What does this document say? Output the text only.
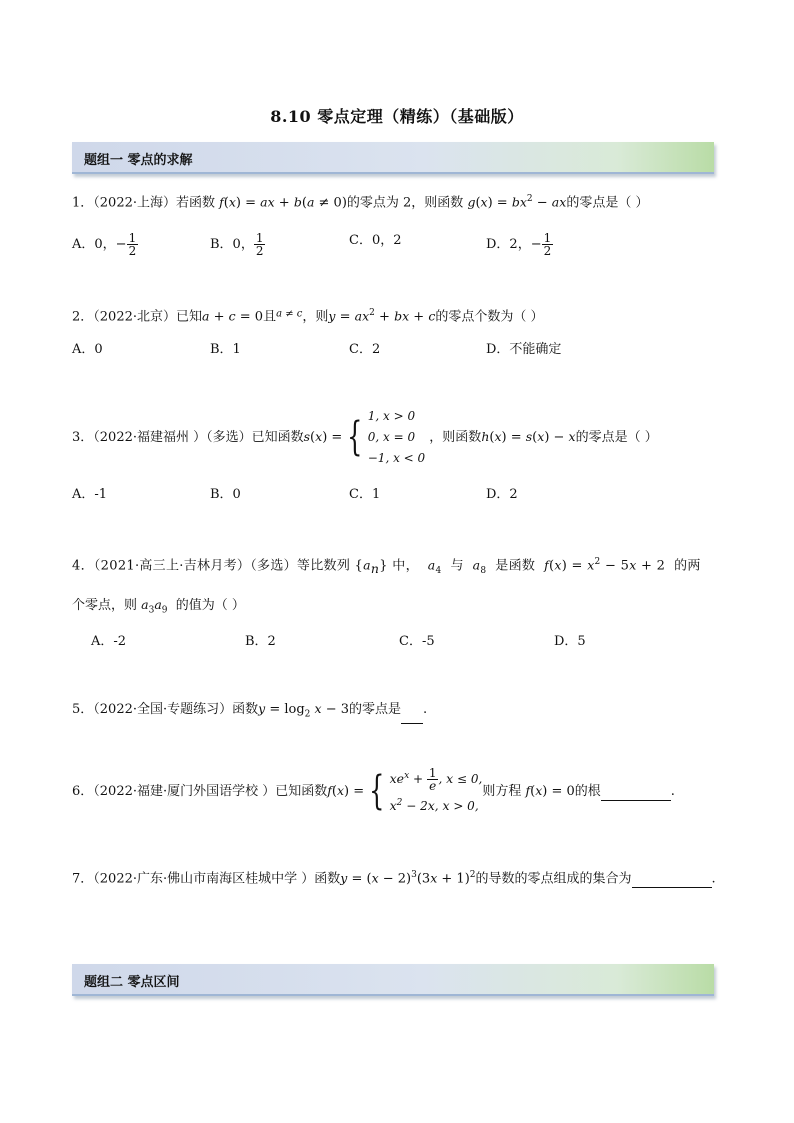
8.10 零点定理（精练）（基础版）
题组一 零点的求解
1．（2022·上海）若函数 f(x) = ax + b(a ≠ 0)的零点为 2，则函数 $g(x) = bx^2$ − ax的零点是（ ）
A．0，− $\frac{1}{2}$	B．0， $\frac{1}{2}$	C．0，2	D．2，− $\frac{1}{2}$
2．（2022·北京）已知a + c = 0且$^{a \ne c}$，则$y = ax^2$ + bx + c的零点个数为（ ）
A．0	B．1	C．2	D．不能确定
3．（2022·福建福州 ）（多选）已知函数s(x) = { 1, x > 0
0, x = 0
−1, x < 0
，则函数h(x) = s(x) − x的零点是（ ）
A．-1	B．0	C．1	D．2
4．（2021·高三上·吉林月考）（多选）等比数列 $\{a_n\}$ 中， $a_4$ 与 $a_8$ 是函数 $f(x) = x^2 - 5x + 2$  的两
个零点，则 $a_3a_9$ 的值为（ ）
A．-2	B．2	C．-5	D．5
5．（2022·全国·专题练习）函数$y = \log_2 x - 3$的零点是 .
6．（2022·福建·厦门外国语学校 ）已知函数f(x) = { $xe^x + \frac{1}{e}$ , x ≤ 0,
$x^2 - 2x$, x > 0,
则方程 f(x) = 0的根	.
7．（2022·广东·佛山市南海区桂城中学 ）函数$y = (x - 2)^3(3x + 1)^2$的导数的零点组成的集合为	.
题组二 零点区间
